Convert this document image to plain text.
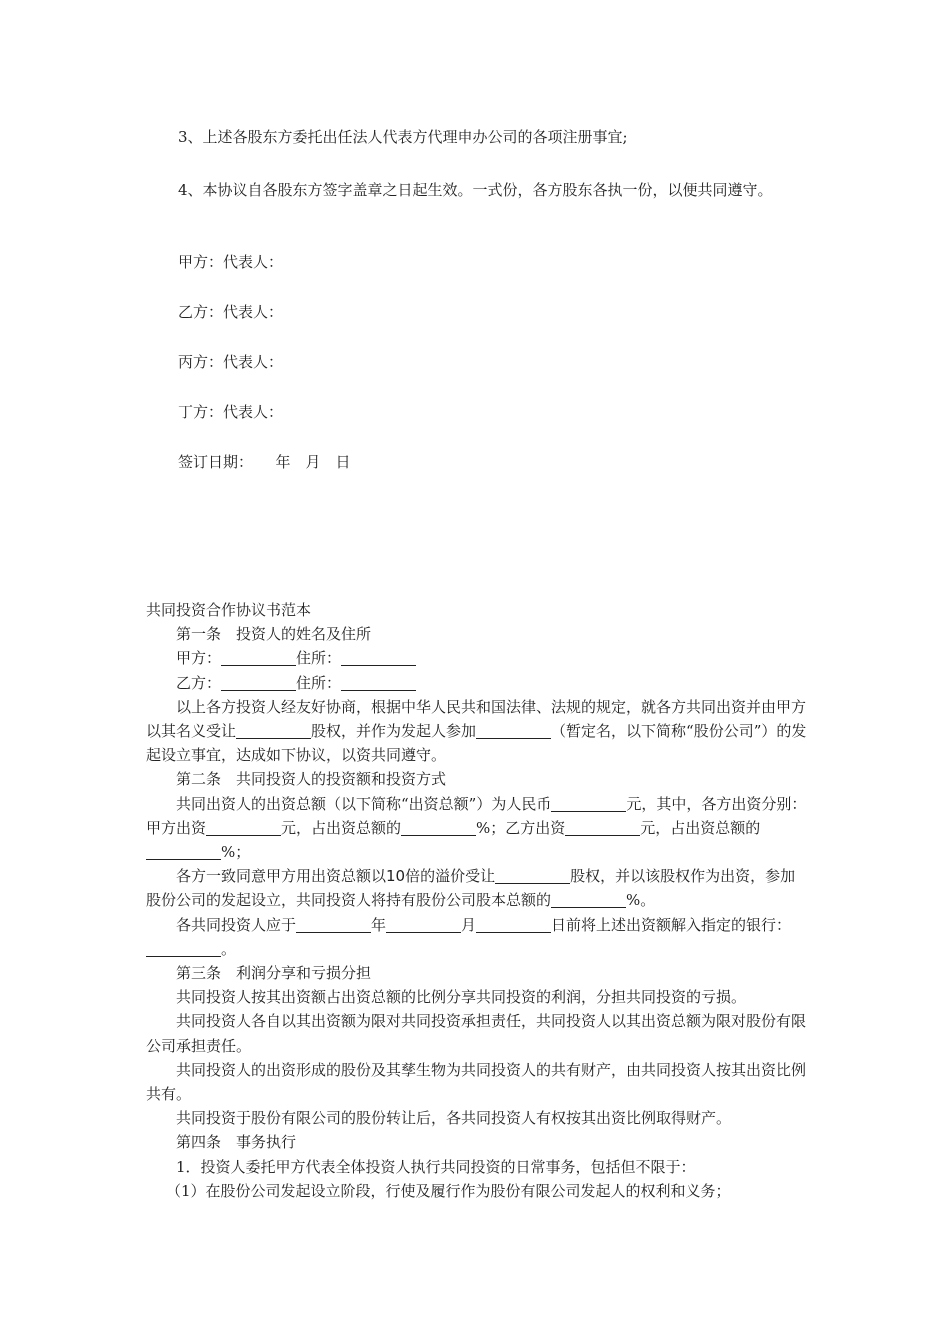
3、上述各股东方委托出任法人代表方代理申办公司的各项注册事宜;
4、本协议自各股东方签字盖章之日起生效。一式份，各方股东各执一份，以便共同遵守。
甲方：代表人：
乙方：代表人：
丙方：代表人：
丁方：代表人：
签订日期：　　年　月　日
共同投资合作协议书范本
第一条　投资人的姓名及住所
甲方：	住所：
乙方：	住所：
以上各方投资人经友好协商，根据中华人民共和国法律、法规的规定，就各方共同出资并由甲方以其名义受让	股权，并作为发起人参加	（暂定名，以下简称“股份公司”）的发起设立事宜，达成如下协议，以资共同遵守。
第二条　共同投资人的投资额和投资方式
共同出资人的出资总额（以下简称“出资总额”）为人民币	元，其中，各方出资分别：甲方出资	元，占出资总额的	%；乙方出资	元，占出资总额的%；
各方一致同意甲方用出资总额以10倍的溢价受让	股权，并以该股权作为出资，参加股份公司的发起设立，共同投资人将持有股份公司股本总额的	%。
各共同投资人应于	年	月	日前将上述出资额解入指定的银行：。
第三条　利润分享和亏损分担
共同投资人按其出资额占出资总额的比例分享共同投资的利润，分担共同投资的亏损。
共同投资人各自以其出资额为限对共同投资承担责任，共同投资人以其出资总额为限对股份有限公司承担责任。
共同投资人的出资形成的股份及其孳生物为共同投资人的共有财产，由共同投资人按其出资比例共有。
共同投资于股份有限公司的股份转让后，各共同投资人有权按其出资比例取得财产。
第四条　事务执行
1．投资人委托甲方代表全体投资人执行共同投资的日常事务，包括但不限于：
（1）在股份公司发起设立阶段，行使及履行作为股份有限公司发起人的权利和义务；
